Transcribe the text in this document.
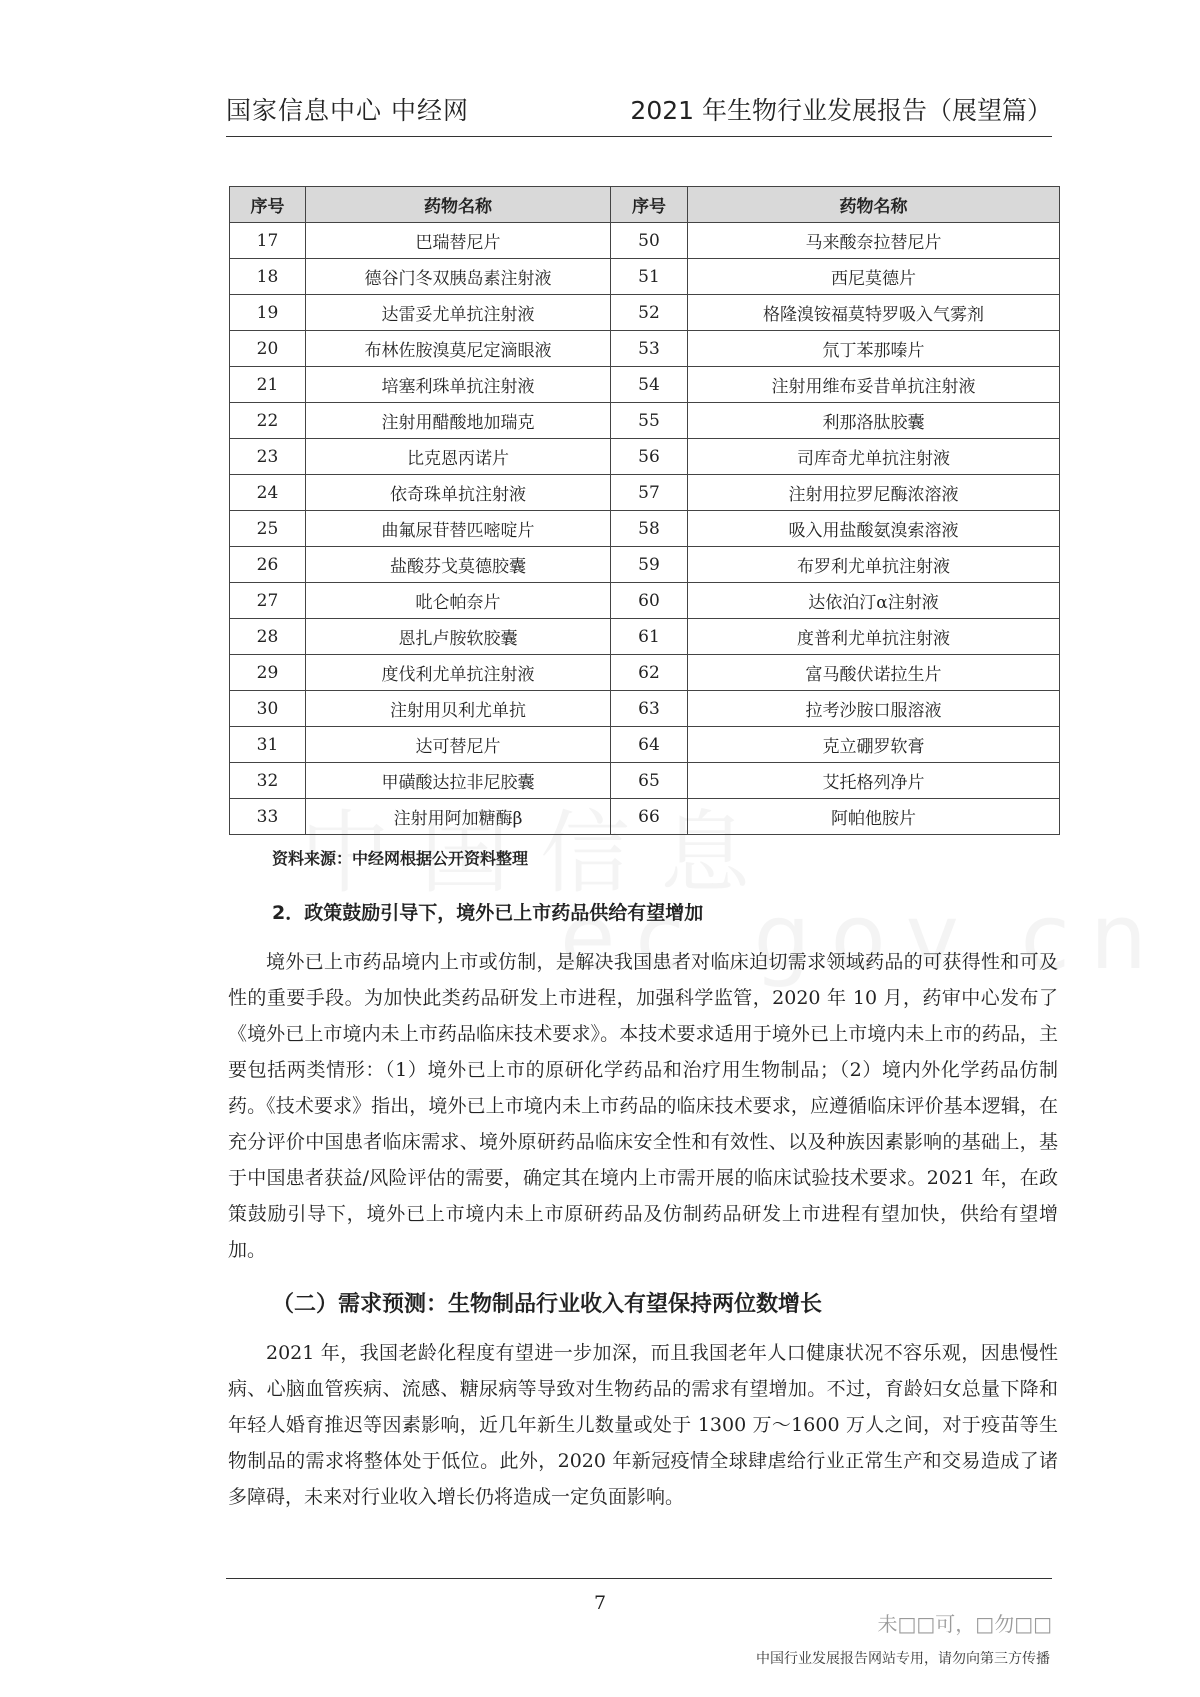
国家信息中心 中经网	2021 年生物行业发展报告（展望篇）
序号	药物名称	序号	药物名称
17	巴瑞替尼片	50	马来酸奈拉替尼片
18	德谷门冬双胰岛素注射液	51	西尼莫德片
19	达雷妥尤单抗注射液	52	格隆溴铵福莫特罗吸入气雾剂
20	布林佐胺溴莫尼定滴眼液	53	氘丁苯那嗪片
21	培塞利珠单抗注射液	54	注射用维布妥昔单抗注射液
22	注射用醋酸地加瑞克	55	利那洛肽胶囊
23	比克恩丙诺片	56	司库奇尤单抗注射液
24	依奇珠单抗注射液	57	注射用拉罗尼酶浓溶液
25	曲氟尿苷替匹嘧啶片	58	吸入用盐酸氨溴索溶液
26	盐酸芬戈莫德胶囊	59	布罗利尤单抗注射液
27	吡仑帕奈片	60	达依泊汀α注射液
28	恩扎卢胺软胶囊	61	度普利尤单抗注射液
29	度伐利尤单抗注射液	62	富马酸伏诺拉生片
30	注射用贝利尤单抗	63	拉考沙胺口服溶液
31	达可替尼片	64	克立硼罗软膏
32	甲磺酸达拉非尼胶囊	65	艾托格列净片
33	注射用阿加糖酶β	66	阿帕他胺片
资料来源：中经网根据公开资料整理
2．政策鼓励引导下，境外已上市药品供给有望增加

境外已上市药品境内上市或仿制，是解决我国患者对临床迫切需求领域药品的可获得性和可及性的重要手段。为加快此类药品研发上市进程，加强科学监管，2020 年 10 月，药审中心发布了《境外已上市境内未上市药品临床技术要求》。本技术要求适用于境外已上市境内未上市的药品，主要包括两类情形：（1）境外已上市的原研化学药品和治疗用生物制品；（2）境内外化学药品仿制药。《技术要求》指出，境外已上市境内未上市药品的临床技术要求，应遵循临床评价基本逻辑，在充分评价中国患者临床需求、境外原研药品临床安全性和有效性、以及种族因素影响的基础上，基于中国患者获益/风险评估的需要，确定其在境内上市需开展的临床试验技术要求。2021 年，在政策鼓励引导下，境外已上市境内未上市原研药品及仿制药品研发上市进程有望加快，供给有望增加。

（二）需求预测：生物制品行业收入有望保持两位数增长

2021 年，我国老龄化程度有望进一步加深，而且我国老年人口健康状况不容乐观，因患慢性病、心脑血管疾病、流感、糖尿病等导致对生物药品的需求有望增加。不过，育龄妇女总量下降和年轻人婚育推迟等因素影响，近几年新生儿数量或处于 1300 万～1600 万人之间，对于疫苗等生物制品的需求将整体处于低位。此外，2020 年新冠疫情全球肆虐给行业正常生产和交易造成了诸多障碍，未来对行业收入增长仍将造成一定负面影响。

7
未□□可，□勿□□
中国行业发展报告网站专用，请勿向第三方传播
